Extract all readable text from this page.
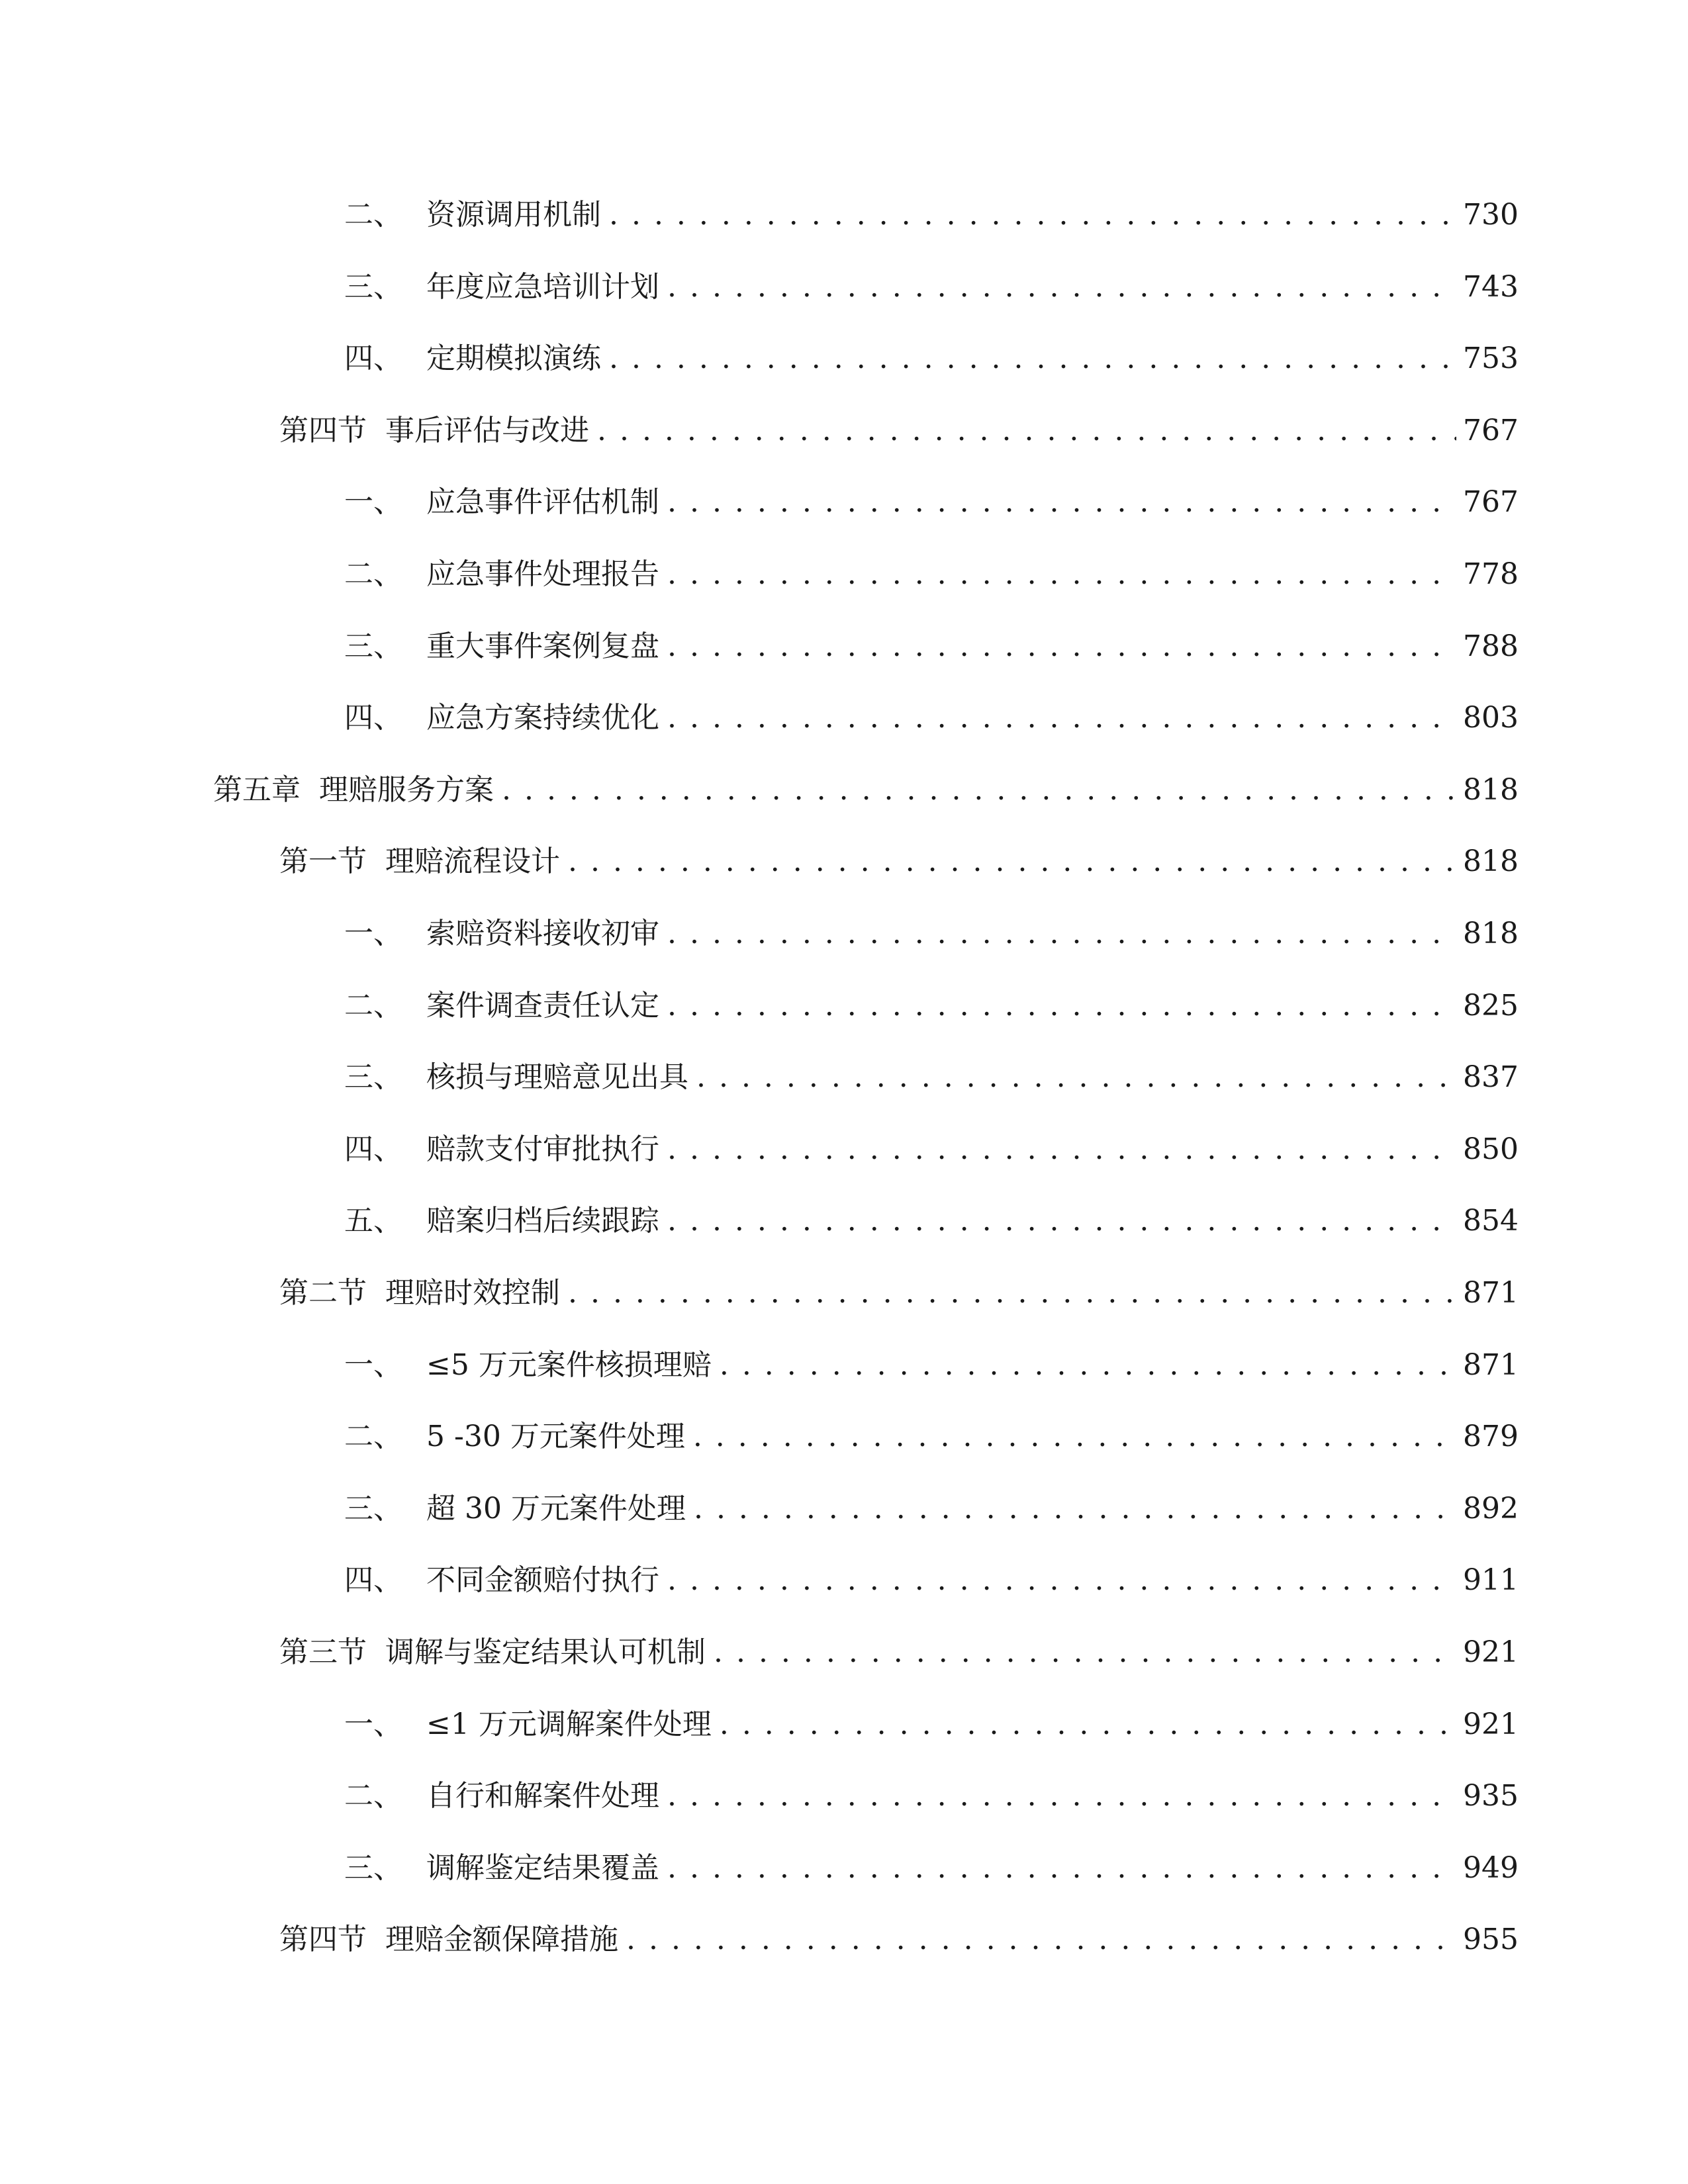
二、 资源调用机制 . . .	730
三、 年度应急培训计划 . . .	743
四、 定期模拟演练 . . .	753
第四节 事后评估与改进 . . .	767
一、 应急事件评估机制 . . .	767
二、 应急事件处理报告 . . .	778
三、 重大事件案例复盘 . . .	788
四、 应急方案持续优化 . . .	803
第五章 理赔服务方案 . . .	818
第一节 理赔流程设计 . . .	818
一、 索赔资料接收初审 . . .	818
二、 案件调查责任认定 . . .	825
三、 核损与理赔意见出具 . . .	837
四、 赔款支付审批执行 . . .	850
五、 赔案归档后续跟踪 . . .	854
第二节 理赔时效控制 . . .	871
一、 ≤5 万元案件核损理赔 . . .	871
二、 5 -30 万元案件处理 . . .	879
三、 超 30 万元案件处理 . . .	892
四、 不同金额赔付执行 . . .	911
第三节 调解与鉴定结果认可机制 . . .	921
一、 ≤1 万元调解案件处理 . . .	921
二、 自行和解案件处理 . . .	935
三、 调解鉴定结果覆盖 . . .	949
第四节 理赔金额保障措施 . . .	955
